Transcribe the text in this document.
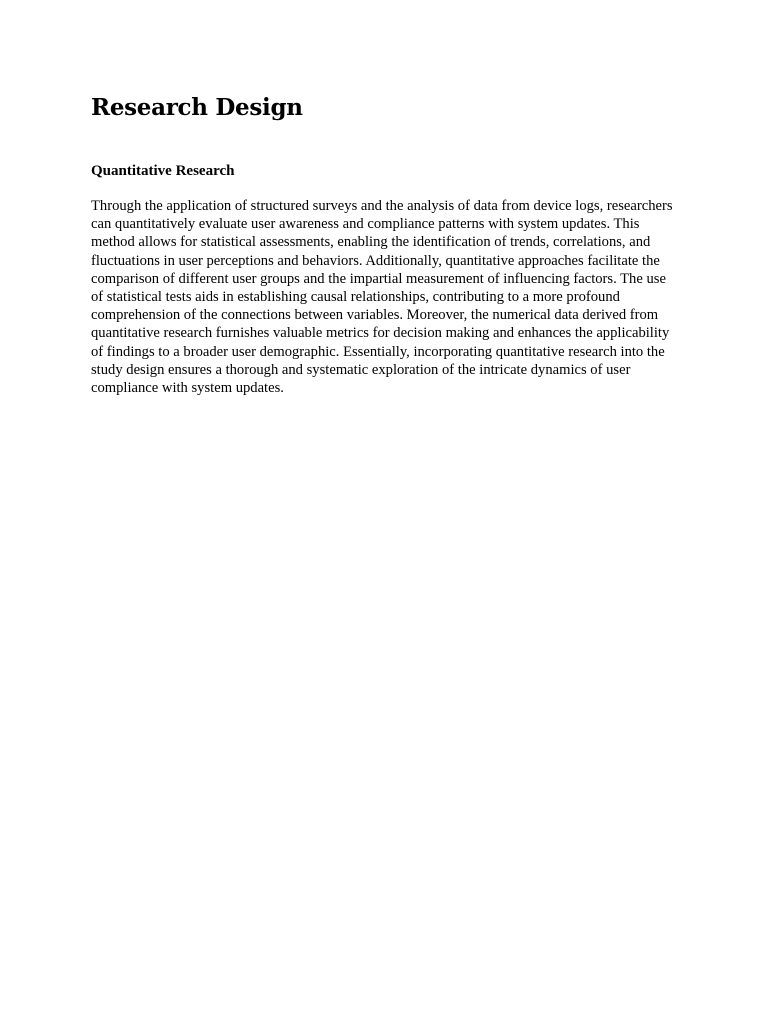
Research Design
Quantitative Research

Through the application of structured surveys and the analysis of data from device logs, researchers can quantitatively evaluate user awareness and compliance patterns with system updates. This method allows for statistical assessments, enabling the identification of trends, correlations, and fluctuations in user perceptions and behaviors. Additionally, quantitative approaches facilitate the comparison of different user groups and the impartial measurement of influencing factors. The use of statistical tests aids in establishing causal relationships, contributing to a more profound comprehension of the connections between variables. Moreover, the numerical data derived from quantitative research furnishes valuable metrics for decision making and enhances the applicability of findings to a broader user demographic. Essentially, incorporating quantitative research into the study design ensures a thorough and systematic exploration of the intricate dynamics of user compliance with system updates.
